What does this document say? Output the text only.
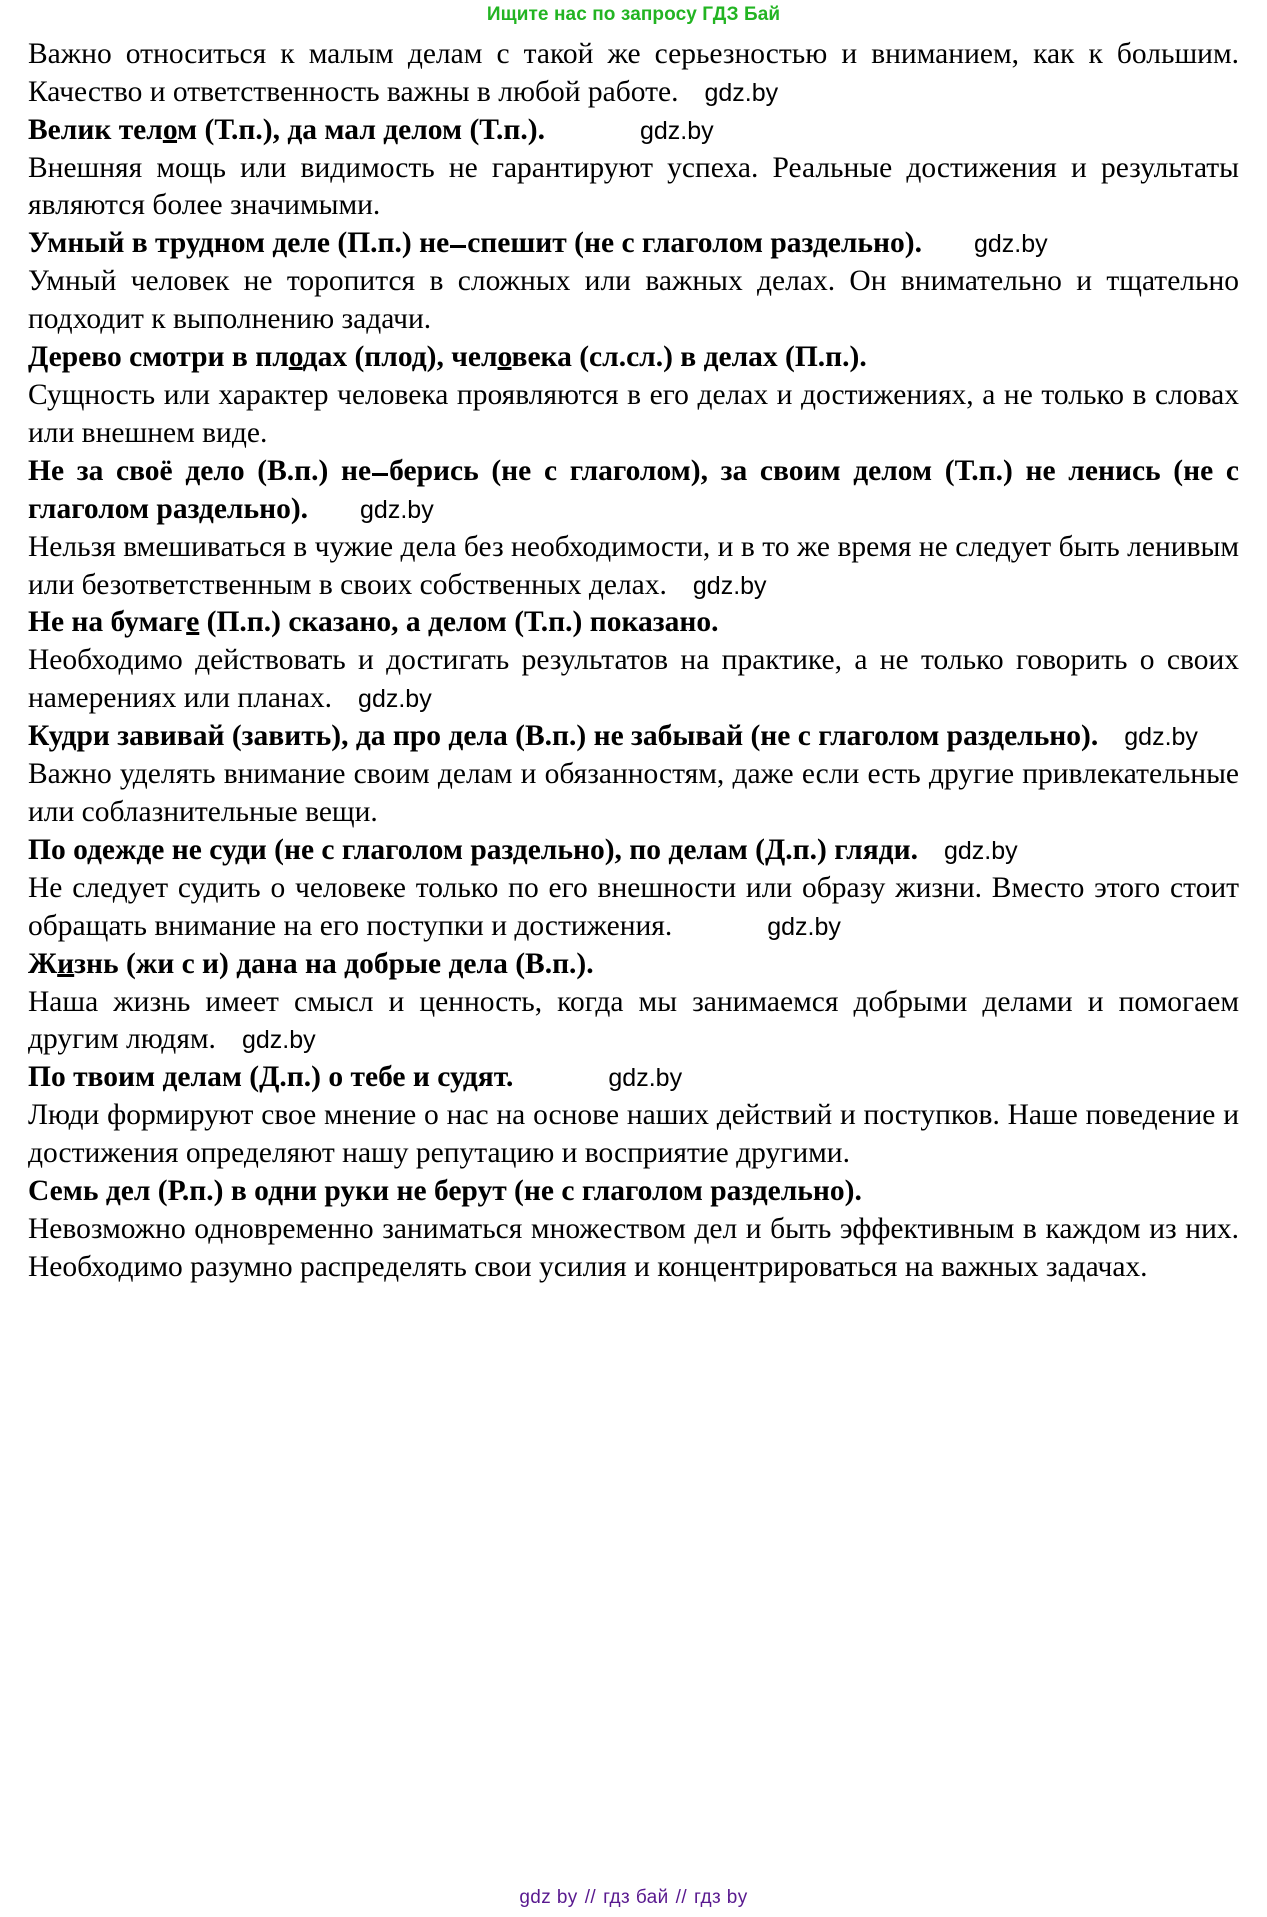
Ищите нас по запросу ГДЗ Бай

Важно относиться к малым делам с такой же серьезностью и вниманием, как к большим. Качество и ответственность важны в любой работе. gdz.by

Велик телом (Т.п.), да мал делом (Т.п.).	gdz.by

Внешняя мощь или видимость не гарантируют успеха. Реальные достижения и результаты являются более значимыми.

Умный в трудном деле (П.п.) не спешит (не с глаголом раздельно). gdz.by

Умный человек не торопится в сложных или важных делах. Он внимательно и тщательно подходит к выполнению задачи.

Дерево смотри в плодах (плод), человека (сл.сл.) в делах (П.п.).

Сущность или характер человека проявляются в его делах и достижениях, а не только в словах или внешнем виде.

Не за своё дело (В.п.) не берись (не с глаголом), за своим делом (Т.п.) не ленись (не с глаголом раздельно). gdz.by

Нельзя вмешиваться в чужие дела без необходимости, и в то же время не следует быть ленивым или безответственным в своих собственных делах. gdz.by

Не на бумаге (П.п.) сказано, а делом (Т.п.) показано.

Необходимо действовать и достигать результатов на практике, а не только говорить о своих намерениях или планах. gdz.by

Кудри завивай (завить), да про дела (В.п.) не забывай (не с глаголом раздельно). gdz.by

Важно уделять внимание своим делам и обязанностям, даже если есть другие привлекательные или соблазнительные вещи.

По одежде не суди (не с глаголом раздельно), по делам (Д.п.) гляди. gdz.by

Не следует судить о человеке только по его внешности или образу жизни. Вместо этого стоит обращать внимание на его поступки и достижения.	gdz.by

Жизнь (жи с и) дана на добрые дела (В.п.).

Наша жизнь имеет смысл и ценность, когда мы занимаемся добрыми делами и помогаем другим людям. gdz.by

По твоим делам (Д.п.) о тебе и судят.	gdz.by

Люди формируют свое мнение о нас на основе наших действий и поступков. Наше поведение и достижения определяют нашу репутацию и восприятие другими.

Семь дел (Р.п.) в одни руки не берут (не с глаголом раздельно).

Невозможно одновременно заниматься множеством дел и быть эффективным в каждом из них. Необходимо разумно распределять свои усилия и концентрироваться на важных задачах.

gdz by // гдз бай // гдз by
